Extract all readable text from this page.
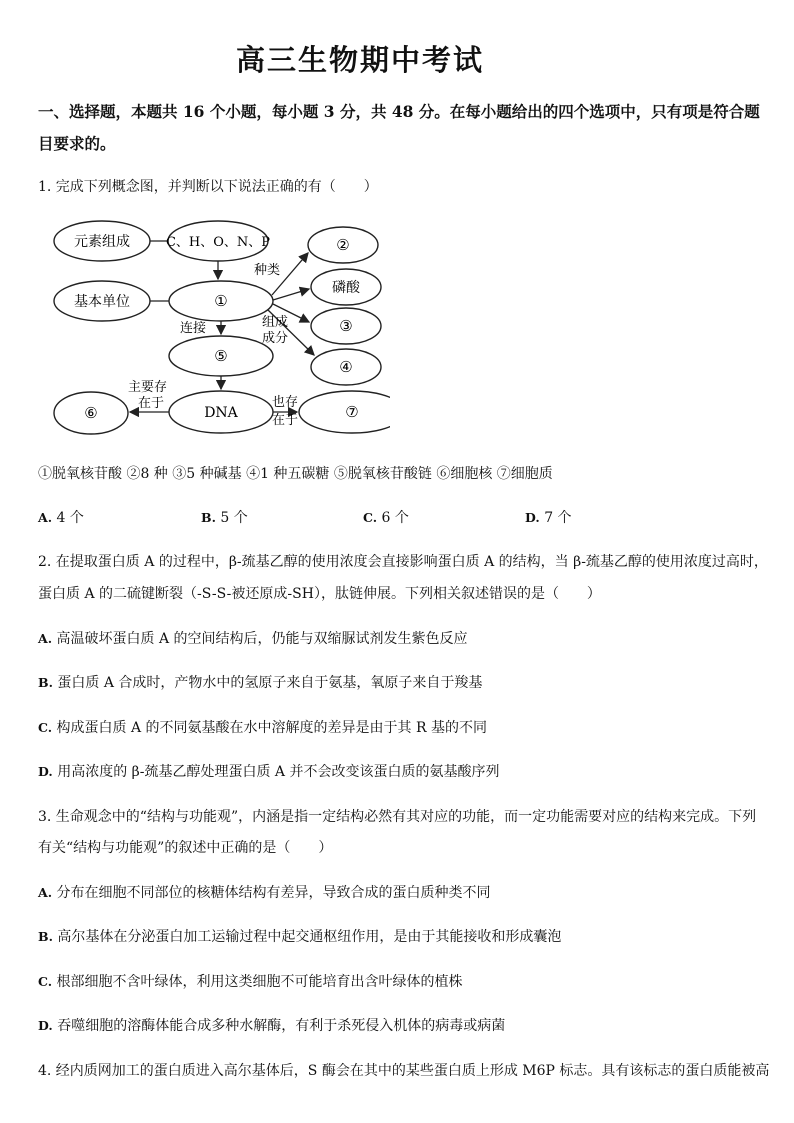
高三生物期中考试
一、选择题，本题共 16 个小题，每小题 3 分，共 48 分。在每小题给出的四个选项中，只有项是符合题目要求的。
1. 完成下列概念图，并判断以下说法正确的有（　　）
元素组成	C、H、O、N、P
基本单位	①
②
磷酸
③
④
⑤
DNA
⑥	⑦
种类
组成
成分
连接
主要存
在于	也存
在于
①脱氧核苷酸 ②8 种 ③5 种碱基 ④1 种五碳糖 ⑤脱氧核苷酸链 ⑥细胞核 ⑦细胞质
A. 4 个	B. 5 个	C. 6 个	D. 7 个
2. 在提取蛋白质 A 的过程中，β-巯基乙醇的使用浓度会直接影响蛋白质 A 的结构，当 β-巯基乙醇的使用浓度过高时，
蛋白质 A 的二硫键断裂（-S-S-被还原成-SH），肽链伸展。下列相关叙述错误的是（　　）
A. 高温破坏蛋白质 A 的空间结构后，仍能与双缩脲试剂发生紫色反应
B. 蛋白质 A 合成时，产物水中的氢原子来自于氨基，氧原子来自于羧基
C. 构成蛋白质 A 的不同氨基酸在水中溶解度的差异是由于其 R 基的不同
D. 用高浓度的 β-巯基乙醇处理蛋白质 A 并不会改变该蛋白质的氨基酸序列
3. 生命观念中的“结构与功能观”，内涵是指一定结构必然有其对应的功能，而一定功能需要对应的结构来完成。下列
有关“结构与功能观”的叙述中正确的是（　　）
A. 分布在细胞不同部位的核糖体结构有差异，导致合成的蛋白质种类不同
B. 高尔基体在分泌蛋白加工运输过程中起交通枢纽作用，是由于其能接收和形成囊泡
C. 根部细胞不含叶绿体，利用这类细胞不可能培育出含叶绿体的植株
D. 吞噬细胞的溶酶体能合成多种水解酶，有利于杀死侵入机体的病毒或病菌
4. 经内质网加工的蛋白质进入高尔基体后，S 酶会在其中的某些蛋白质上形成 M6P 标志。具有该标志的蛋白质能被高
